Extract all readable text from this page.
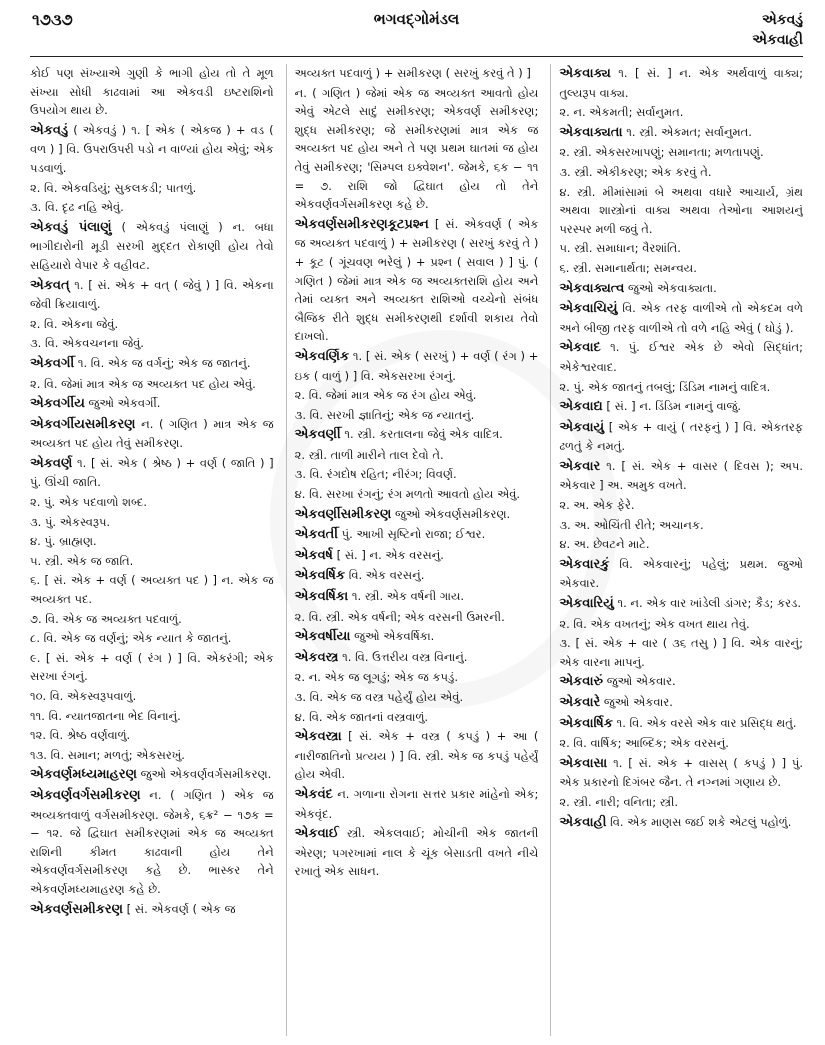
૧૭૩૭	ભગવદ્ગોમંડલ	એકવડું
એકવાહી

કોઈ પણ સંખ્યાએ ગુણી કે ભાગી હોય તો તે મૂળ સંખ્યા સોધી કાઢવામાં આ એકવડી ઇષ્ટરાશિનો ઉપયોગ થાય છે.

એકવડું ( એકવડું ) ૧. [ એક ( એકજ ) + વડ ( વળ ) ] વિ. ઉપરાઉપરી પડો ન વાળ્યાં હોય એવું; એક પડવાળું.

૨. વિ. એકવડિયું; સુકલકડી; પાતળું.

૩. વિ. દૃઢ નહિ એવું.

એકવડું પંલાણું ( એકવડું પંલાણું ) ન. બધા ભાગીદારોની મૂડી સરખી મુદ્દત રોકાણી હોય તેવો સહિયારો વેપાર કે વહીવટ.

એકવત્ ૧. [ સં. એક + વત્ ( જેવું ) ] વિ. એકના જેવી ક્રિયાવાળું.

૨. વિ. એકના જેવું.

૩. વિ. એકવચનના જેવું.

એકવર્ગી ૧. વિ. એક જ વર્ગનું; એક જ જાતનું.

૨. વિ. જેમાં માત્ર એક જ અવ્યક્ત પદ હોય એવું.

એકવર્ગીય જુઓ એકવર્ગી.

એકવર્ગીયસમીકરણ ન. ( ગણિત ) માત્ર એક જ અવ્યક્ત પદ હોય તેવું સમીકરણ.

એકવર્ણ ૧. [ સં. એક ( શ્રેષ્ઠ ) + વર્ણ ( જાતિ ) ] પું. ઊંચી જાતિ.

૨. પું. એક પદવાળો શબ્દ.

૩. પું. એકસ્વરૂપ.

૪. પું. બ્રાહ્મણ.

૫. સ્ત્રી. એક જ જાતિ.

૬. [ સં. એક + વર્ણ ( અવ્યક્ત પદ ) ] ન. એક જ અવ્યક્ત પદ.

૭. વિ. એક જ અવ્યક્ત પદવાળું.

૮. વિ. એક જ વર્ણનું; એક ન્યાત કે જાતનું.

૯. [ સં. એક + વર્ણ ( રંગ ) ] વિ. એકરંગી; એક સરખા રંગનું.

૧૦. વિ. એકસ્વરૂપવાળું.

૧૧. વિ. ન્યાતજાતના ભેદ વિનાનું.

૧૨. વિ. શ્રેષ્ઠ વર્ણવાળું.

૧૩. વિ. સમાન; મળતું; એકસરખું.

એકવર્ણમધ્યમાહરણ જુઓ એકવર્ણવર્ગસમીકરણ.

એકવર્ણવર્ગસમીકરણ ન. ( ગણિત ) એક જ અવ્યક્તવાળું વર્ગસમીકરણ. જેમકે, ૬ક્ર² − ૧૭ક = − ૧૨. જે દ્વિઘાત સમીકરણમાં એક જ અવ્યક્ત રાશિની કીમત કાઢવાની હોય તેને એકવર્ણવર્ગસમીકરણ કહે છે. ભાસ્કર તેને એકવર્ણમધ્યમાહરણ કહે છે.

એકવર્ણસમીકરણ [ સં. એકવર્ણ ( એક જ

અવ્યક્ત પદવાળું ) + સમીકરણ ( સરખું કરવું તે ) ]

ન. ( ગણિત ) જેમાં એક જ અવ્યક્ત આવતો હોય એવું એટલે સાદું સમીકરણ; એકવર્ણ સમીકરણ; શુદ્ધ સમીકરણ; જે સમીકરણમાં માત્ર એક જ અવ્યક્ત પદ હોય અને તે પણ પ્રથમ ઘાતમાં જ હોય તેવું સમીકરણ; 'સિમ્પલ ઇક્વેશન'. જેમકે, ૬ક − ૧૧ = ૭. રાશિ જો દ્વિઘાત હોય તો તેને એકવર્ણવર્ગસમીકરણ કહે છે.

એકવર્ણસમીકરણકૂટપ્રશ્ન [ સં. એકવર્ણ ( એક જ અવ્યક્ત પદવાળું ) + સમીકરણ ( સરખું કરવું તે ) + કૂટ ( ગૂંચવણ ભરેલું ) + પ્રશ્ન ( સવાલ ) ] પું. ( ગણિત ) જેમાં માત્ર એક જ અવ્યક્તરાશિ હોય અને તેમાં વ્યક્ત અને અવ્યક્ત રાશિઓ વચ્ચેનો સંબંધ બૈજિક રીતે શુદ્ધ સમીકરણથી દર્શાવી શકાય તેવો દાખલો.

એકવર્ણિક ૧. [ સં. એક ( સરખું ) + વર્ણ ( રંગ ) + ઇક ( વાળું ) ] વિ. એકસરખા રંગનું.

૨. વિ. જેમાં માત્ર એક જ રંગ હોય એવું.

૩. વિ. સરખી જ્ઞાતિનું; એક જ ન્યાતનું.

એકવર્ણી ૧. સ્ત્રી. કરતાલના જેવું એક વાદિત્ર.

૨. સ્ત્રી. તાળી મારીને તાલ દેવો તે.

૩. વિ. રંગદોષ રહિત; નીરંગ; વિવર્ણ.

૪. વિ. સરખા રંગનું; રંગ મળતો આવતો હોય એવું.

એકવર્ણીસમીકરણ જુઓ એકવર્ણસમીકરણ.

એકવર્તી પું. આખી સૃષ્ટિનો રાજા; ઈશ્વર.

એકવર્ષ [ સં. ] ન. એક વરસનું.

એકવર્ષિક વિ. એક વરસનું.

એકવર્ષિકા ૧. સ્ત્રી. એક વર્ષની ગાય.

૨. વિ. સ્ત્રી. એક વર્ષની; એક વરસની ઉમરની.

એકવર્ષીયા જુઓ એકવર્ષિકા.

એકવસ્ત્ર ૧. વિ. ઉત્તરીય વસ્ત્ર વિનાનું.

૨. ન. એક જ લૂગડું; એક જ કપડું.

૩. વિ. એક જ વસ્ત્ર પહેર્યું હોય એવું.

૪. વિ. એક જાતનાં વસ્ત્રવાળું.

એકવસ્ત્રા [ સં. એક + વસ્ત્ર ( કપડું ) + આ ( નારીજાતિનો પ્રત્યય ) ] વિ. સ્ત્રી. એક જ કપડું પહેર્યું હોય એવી.

એકવંદ ન. ગળાના રોગના સત્તર પ્રકાર માંહેનો એક; એકવૃંદ.

એકવાઈ સ્ત્રી. એકલવાઈ; મોચીની એક જાતની એરણ; પગરખામાં નાલ કે ચૂંક બેસાડતી વખતે નીચે રખાતું એક સાધન.

એકવાક્ય ૧. [ સં. ] ન. એક અર્થવાળું વાક્ય; તુલ્યરૂપ વાક્ય.

૨. ન. એકમતી; સર્વાનુમત.

એકવાક્યતા ૧. સ્ત્રી. એકમત; સર્વાનુમત.

૨. સ્ત્રી. એકસરખાપણું; સમાનતા; મળતાપણું.

૩. સ્ત્રી. એકીકરણ; એક કરવું તે.

૪. સ્ત્રી. મીમાંસામાં બે અથવા વધારે આચાર્ય, ગ્રંથ અથવા શાસ્ત્રોનાં વાક્ય અથવા તેઓના આશયનું પરસ્પર મળી જવું તે.

૫. સ્ત્રી. સમાધાન; વૈરશાંતિ.

૬. સ્ત્રી. સમાનાર્થતા; સમન્વય.

એકવાક્યત્વ જુઓ એકવાક્યતા.

એકવાચિયું વિ. એક તરફ વાળીએ તો એકદમ વળે અને બીજી તરફ વાળીએ તો વળે નહિ એવું ( ઘોડું ).

એકવાદ ૧. પું. ઈશ્વર એક છે એવો સિદ્ધાંત; એકેશ્વરવાદ.

૨. પું. એક જાતનું તબલું; ડિંડિમ નામનું વાદિત્ર.

એકવાદ્ય [ સં. ] ન. ડિંડિમ નામનું વાજું.

એકવાયું [ એક + વાયું ( તરફનું ) ] વિ. એકતરફ ઢળતું કે નમતું.

એકવાર ૧. [ સં. એક + વાસર ( દિવસ ); અપ. એકવાર ] અ. અમુક વખતે.

૨. અ. એક ફેરે.

૩. અ. ઓચિંતી રીતે; અચાનક.

૪. અ. છેવટને માટે.

એકવારકું વિ. એકવારનું; પહેલું; પ્રથમ. જુઓ એકવાર.

એકવારિયું ૧. ન. એક વાર ખાંડેલી ડાંગર; કૈડ; કરડ.

૨. વિ. એક વખતનું; એક વખત થાય તેવું.

૩. [ સં. એક + વાર ( ૩૬ તસુ ) ] વિ. એક વારનું; એક વારના માપનું.

એકવારું જુઓ એકવાર.

એકવારે જુઓ એકવાર.

એકવાર્ષિક ૧. વિ. એક વરસે એક વાર પ્રસિદ્ધ થતું.

૨. વિ. વાર્ષિક; આબ્દિક; એક વરસનું.

એકવાસા ૧. [ સં. એક + વાસસ્ ( કપડું ) ] પું. એક પ્રકારનો દિગંબર જૈન. તે નગ્નમાં ગણાય છે.

૨. સ્ત્રી. નારી; વનિતા; સ્ત્રી.

એકવાહી વિ. એક માણસ જઈ શકે એટલું પહોળું.
